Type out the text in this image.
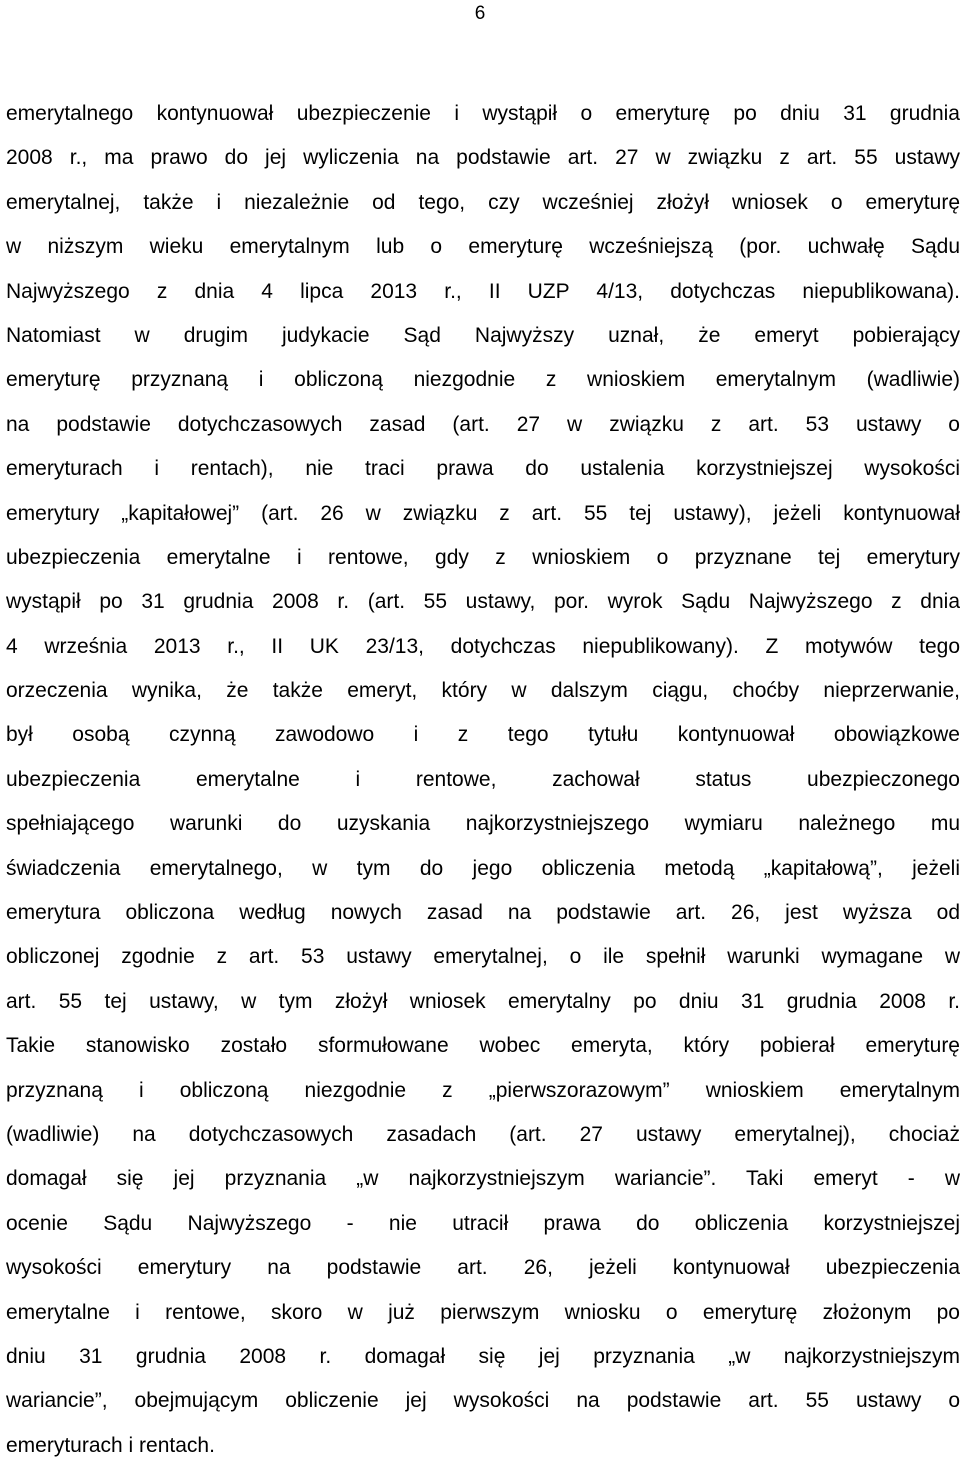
6
emerytalnego kontynuował ubezpieczenie i wystąpił o emeryturę po dniu 31 grudnia
2008 r., ma prawo do jej wyliczenia na podstawie art. 27 w związku z art. 55 ustawy
emerytalnej, także i niezależnie od tego, czy wcześniej złożył wniosek o emeryturę
w niższym wieku emerytalnym lub o emeryturę wcześniejszą (por. uchwałę Sądu
Najwyższego z dnia 4 lipca 2013 r., II UZP 4/13, dotychczas niepublikowana).
Natomiast w drugim judykacie Sąd Najwyższy uznał, że emeryt pobierający
emeryturę przyznaną i obliczoną niezgodnie z wnioskiem emerytalnym (wadliwie)
na podstawie dotychczasowych zasad (art. 27 w związku z art. 53 ustawy o
emeryturach i rentach), nie traci prawa do ustalenia korzystniejszej wysokości
emerytury „kapitałowej” (art. 26 w związku z art. 55 tej ustawy), jeżeli kontynuował
ubezpieczenia emerytalne i rentowe, gdy z wnioskiem o przyznane tej emerytury
wystąpił po 31 grudnia 2008 r. (art. 55 ustawy, por. wyrok Sądu Najwyższego z dnia
4 września 2013 r., II UK 23/13, dotychczas niepublikowany). Z motywów tego
orzeczenia wynika, że także emeryt, który w dalszym ciągu, choćby nieprzerwanie,
był osobą czynną zawodowo i z tego tytułu kontynuował obowiązkowe
ubezpieczenia emerytalne i rentowe, zachował status ubezpieczonego
spełniającego warunki do uzyskania najkorzystniejszego wymiaru należnego mu
świadczenia emerytalnego, w tym do jego obliczenia metodą „kapitałową”, jeżeli
emerytura obliczona według nowych zasad na podstawie art. 26, jest wyższa od
obliczonej zgodnie z art. 53 ustawy emerytalnej, o ile spełnił warunki wymagane w
art. 55 tej ustawy, w tym złożył wniosek emerytalny po dniu 31 grudnia 2008 r.
Takie stanowisko zostało sformułowane wobec emeryta, który pobierał emeryturę
przyznaną i obliczoną niezgodnie z „pierwszorazowym” wnioskiem emerytalnym
(wadliwie) na dotychczasowych zasadach (art. 27 ustawy emerytalnej), chociaż
domagał się jej przyznania „w najkorzystniejszym wariancie”. Taki emeryt - w
ocenie Sądu Najwyższego - nie utracił prawa do obliczenia korzystniejszej
wysokości emerytury na podstawie art. 26, jeżeli kontynuował ubezpieczenia
emerytalne i rentowe, skoro w już pierwszym wniosku o emeryturę złożonym po
dniu 31 grudnia 2008 r. domagał się jej przyznania „w najkorzystniejszym
wariancie”, obejmującym obliczenie jej wysokości na podstawie art. 55 ustawy o
emeryturach i rentach.
